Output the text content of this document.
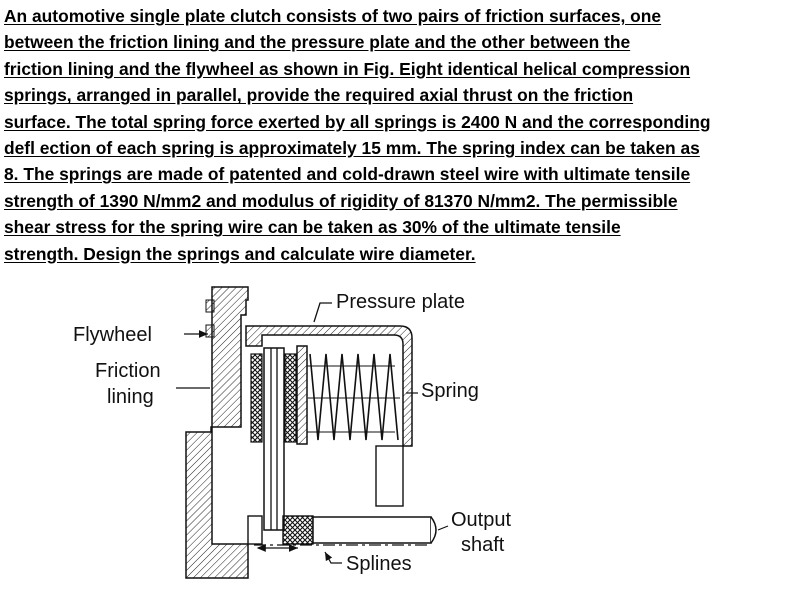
An automotive single plate clutch consists of two pairs of friction surfaces, one
between the friction lining and the pressure plate and the other between the
friction lining and the flywheel as shown in Fig. Eight identical helical compression
springs, arranged in parallel, provide the required axial thrust on the friction
surface. The total spring force exerted by all springs is 2400 N and the corresponding
defl ection of each spring is approximately 15 mm. The spring index can be taken as
8. The springs are made of patented and cold-drawn steel wire with ultimate tensile
strength of 1390 N/mm2 and modulus of rigidity of 81370 N/mm2. The permissible
shear stress for the spring wire can be taken as 30% of the ultimate tensile
strength. Design the springs and calculate wire diameter.
Pressure plate
Flywheel
Friction
lining	Spring
Output
shaft
Splines
